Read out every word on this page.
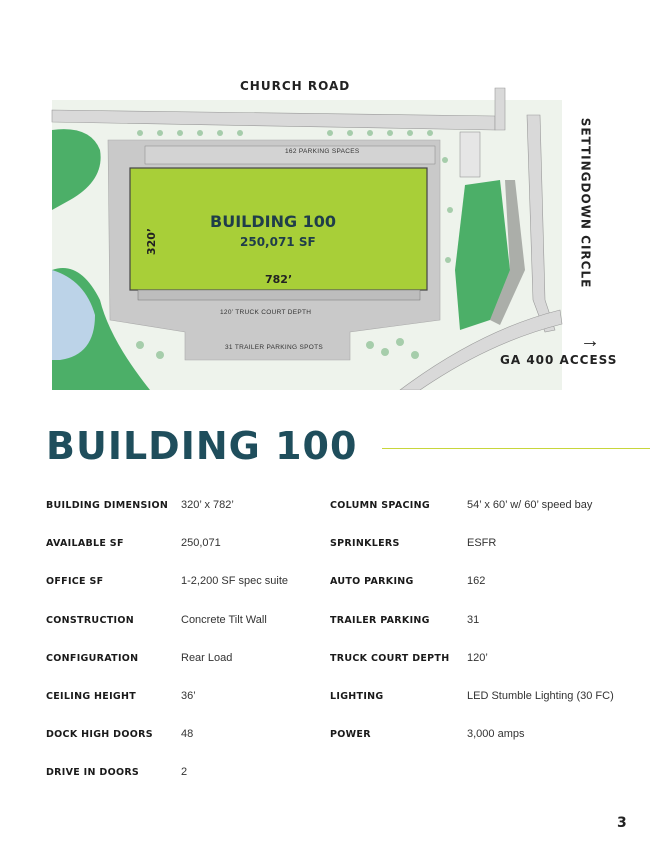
CHURCH ROAD
SETTINGDOWN CIRCLE
GA 400 ACCESS
→
BUILDING 100
250,071 SF
320’
782’
162 PARKING SPACES
120’ TRUCK COURT DEPTH
31 TRAILER PARKING SPOTS
BUILDING 100
BUILDING DIMENSION 320’ x 782’
AVAILABLE SF	250,071
OFFICE SF	1-2,200 SF spec suite
CONSTRUCTION	Concrete Tilt Wall
CONFIGURATION	Rear Load
CEILING HEIGHT	36’
DOCK HIGH DOORS	48
DRIVE IN DOORS	2
COLUMN SPACING	54’ x 60’ w/ 60’ speed bay
SPRINKLERS	ESFR
AUTO PARKING	162
TRAILER PARKING	31
TRUCK COURT DEPTH 120’
LIGHTING	LED Stumble Lighting (30 FC)
POWER	3,000 amps
3
